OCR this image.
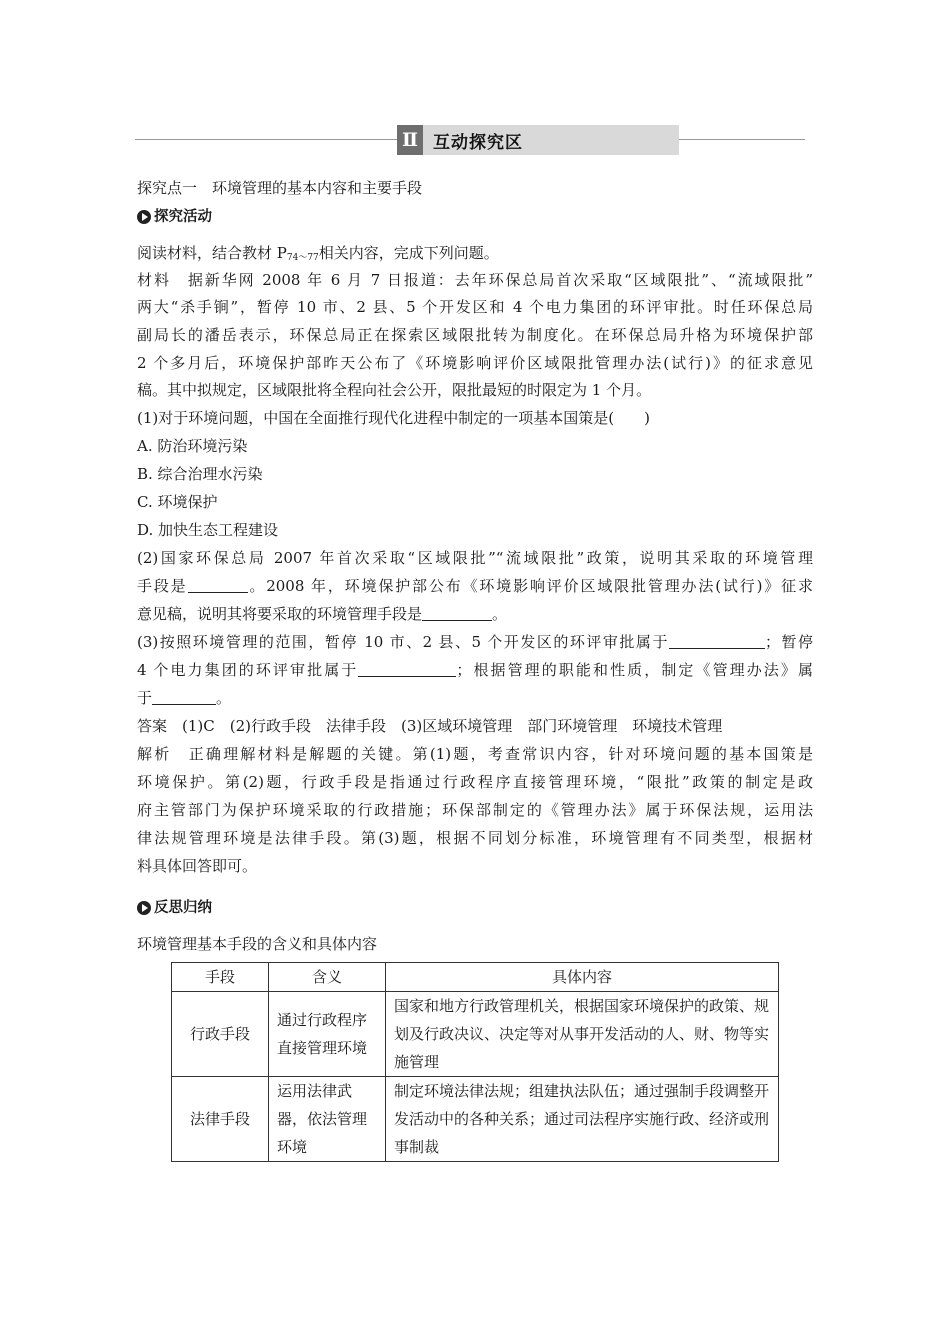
Ⅱ 互动探究区
探究点一　环境管理的基本内容和主要手段
探究活动
阅读材料，结合教材 $P_{74\sim 77}$相关内容，完成下列问题。
材料　据新华网 2008 年 6 月 7 日报道：去年环保总局首次采取“区域限批”、“流域限批”
两大“杀手锏”，暂停 10 市、2 县、5 个开发区和 4 个电力集团的环评审批。时任环保总局
副局长的潘岳表示，环保总局正在探索区域限批转为制度化。在环保总局升格为环境保护部
2 个多月后，环境保护部昨天公布了《环境影响评价区域限批管理办法(试行)》的征求意见
稿。其中拟规定，区域限批将全程向社会公开，限批最短的时限定为 1 个月。
(1)对于环境问题，中国在全面推行现代化进程中制定的一项基本国策是(　　)
A. 防治环境污染
B. 综合治理水污染
C. 环境保护
D. 加快生态工程建设
(2)国家环保总局 2007 年首次采取“区域限批”“流域限批”政策，说明其采取的环境管理
手段是	。2008 年，环境保护部公布《环境影响评价区域限批管理办法(试行)》征求
意见稿，说明其将要采取的环境管理手段是	。
(3)按照环境管理的范围，暂停 10 市、2 县、5 个开发区的环评审批属于	；暂停
4 个电力集团的环评审批属于	；根据管理的职能和性质，制定《管理办法》属
于	。
答案　(1)C　(2)行政手段　法律手段　(3)区域环境管理　部门环境管理　环境技术管理
解析　正确理解材料是解题的关键。第(1)题，考查常识内容，针对环境问题的基本国策是
环境保护。第(2)题，行政手段是指通过行政程序直接管理环境，“限批”政策的制定是政
府主管部门为保护环境采取的行政措施；环保部制定的《管理办法》属于环保法规，运用法
律法规管理环境是法律手段。第(3)题，根据不同划分标准，环境管理有不同类型，根据材
料具体回答即可。
反思归纳
环境管理基本手段的含义和具体内容
手段	含义	具体内容
行政手段	通过行政程序直接管理环境	国家和地方行政管理机关，根据国家环境保护的政策、规划及行政决议、决定等对从事开发活动的人、财、物等实施管理
法律手段	运用法律武器，依法管理环境	制定环境法律法规；组建执法队伍；通过强制手段调整开发活动中的各种关系；通过司法程序实施行政、经济或刑事制裁
